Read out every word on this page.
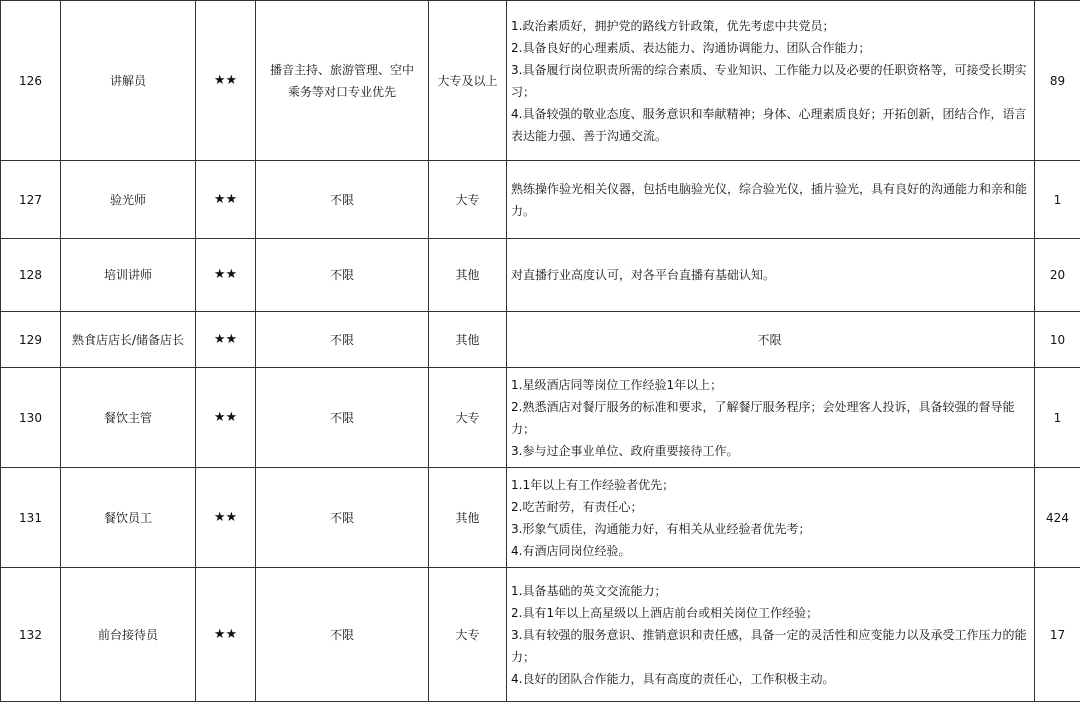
126	讲解员	★★	播音主持、旅游管理、空中乘务等对口专业优先	大专及以上	1.政治素质好，拥护党的路线方针政策，优先考虑中共党员；
2.具备良好的心理素质、表达能力、沟通协调能力、团队合作能力；
3.具备履行岗位职责所需的综合素质、专业知识、工作能力以及必要的任职资格等，可接受长期实习；
4.具备较强的敬业态度、服务意识和奉献精神；身体、心理素质良好；开拓创新，团结合作，语言表达能力强、善于沟通交流。	89	
127	验光师	★★	不限	大专	熟练操作验光相关仪器，包括电脑验光仪，综合验光仪，插片验光，具有良好的沟通能力和亲和能力。	1	
128	培训讲师	★★	不限	其他	对直播行业高度认可，对各平台直播有基础认知。	20	
129	熟食店店长/储备店长	★★	不限	其他	不限	10	
130	餐饮主管	★★	不限	大专	1.星级酒店同等岗位工作经验1年以上；
2.熟悉酒店对餐厅服务的标准和要求，了解餐厅服务程序；会处理客人投诉，具备较强的督导能力；
3.参与过企事业单位、政府重要接待工作。	1	
131	餐饮员工	★★	不限	其他	1.1年以上有工作经验者优先；
2.吃苦耐劳，有责任心；
3.形象气质佳，沟通能力好，有相关从业经验者优先考；
4.有酒店同岗位经验。	424	
132	前台接待员	★★	不限	大专	1.具备基础的英文交流能力；
2.具有1年以上高星级以上酒店前台或相关岗位工作经验；
3.具有较强的服务意识、推销意识和责任感，具备一定的灵活性和应变能力以及承受工作压力的能力；
4.良好的团队合作能力，具有高度的责任心，工作积极主动。	17	
